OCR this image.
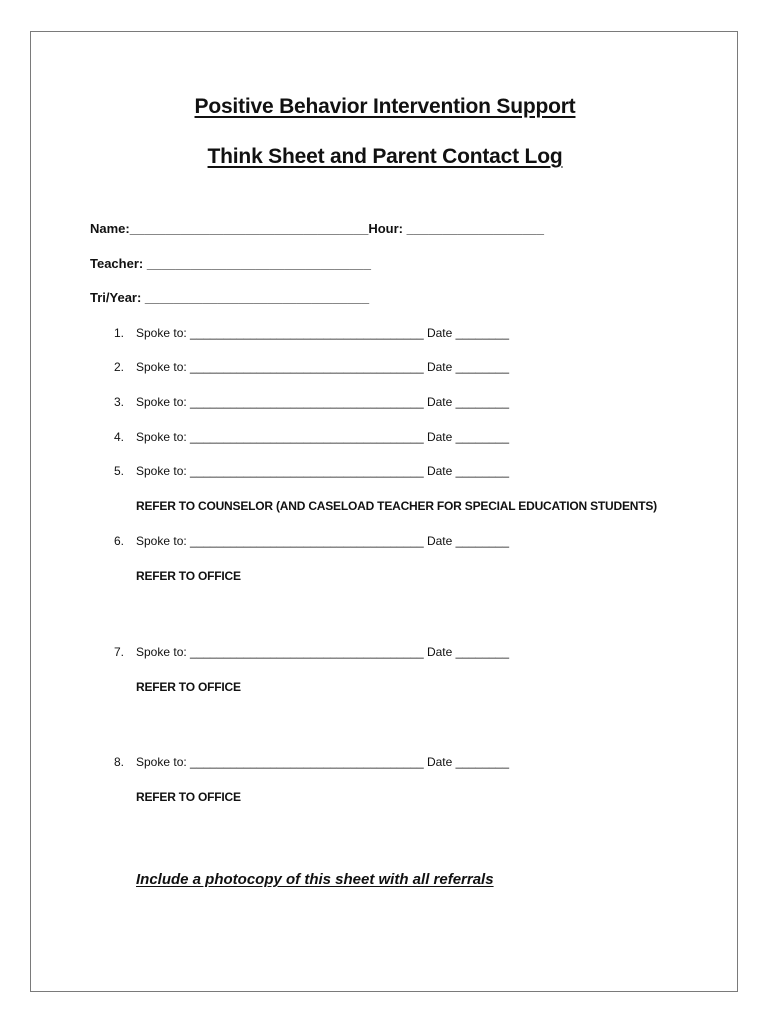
Positive Behavior Intervention Support
Think Sheet and Parent Contact Log
Name:_________________________________Hour: ___________________
Teacher: _______________________________
Tri/Year: _______________________________
1. Spoke to: ___________________________________ Date ________
2. Spoke to: ___________________________________ Date ________
3. Spoke to: ___________________________________ Date ________
4. Spoke to: ___________________________________ Date ________
5. Spoke to: ___________________________________ Date ________
REFER TO COUNSELOR (AND CASELOAD TEACHER FOR SPECIAL EDUCATION STUDENTS)
6. Spoke to: ___________________________________ Date ________
REFER TO OFFICE
7. Spoke to: ___________________________________ Date ________
REFER TO OFFICE
8. Spoke to: ___________________________________ Date ________
REFER TO OFFICE
Include a photocopy of this sheet with all referrals
